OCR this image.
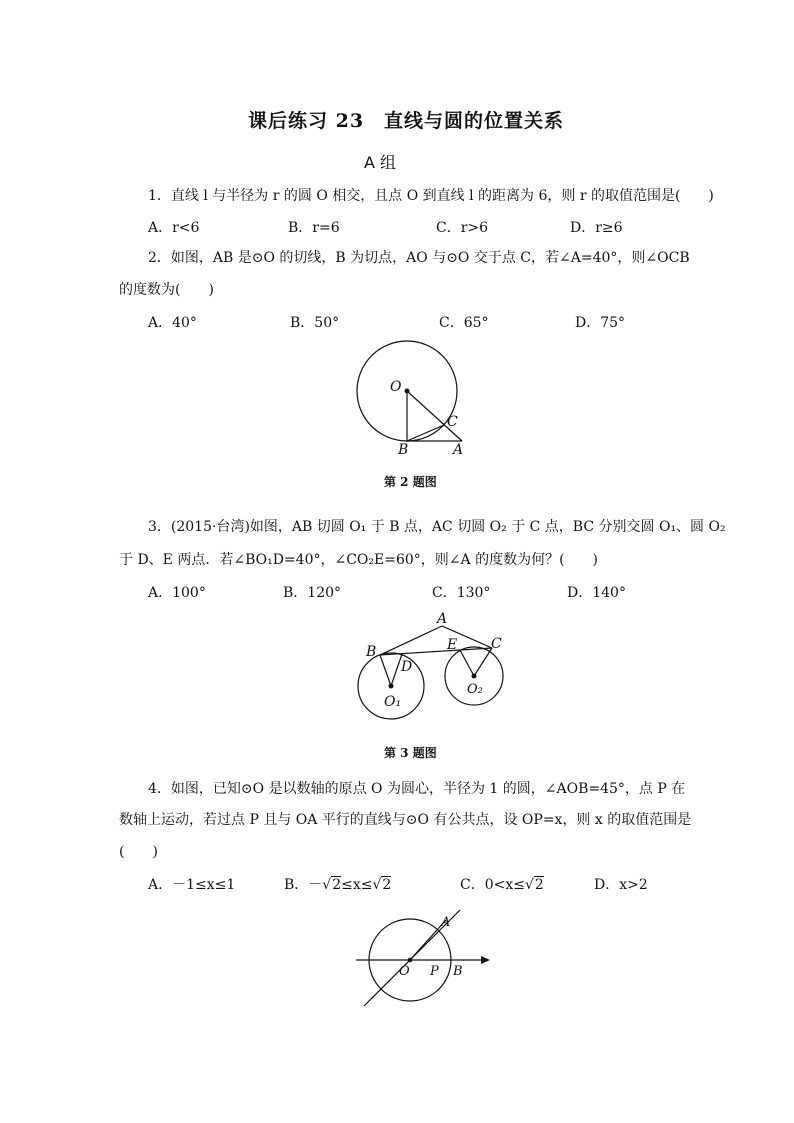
课后练习 23　直线与圆的位置关系
A 组
1．直线 l 与半径为 r 的圆 O 相交，且点 O 到直线 l 的距离为 6，则 r 的取值范围是(　　)
A．r<6	B．r=6	C．r>6	D．r≥6
2．如图，AB 是⊙O 的切线，B 为切点，AO 与⊙O 交于点 C，若∠A=40°，则∠OCB
的度数为(　　)
A．40°	B．50°	C．65°	D．75°
O
B	A
C
第 2 题图
3．(2015·台湾)如图，AB 切圆 O₁ 于 B 点，AC 切圆 O₂ 于 C 点，BC 分别交圆 O₁、圆 O₂
于 D、E 两点．若∠BO₁D=40°，∠CO₂E=60°，则∠A 的度数为何？(　　)
A．100°	B．120°	C．130°	D．140°
A
B	C
D
E
O₁
O₂
第 3 题图
4．如图，已知⊙O 是以数轴的原点 O 为圆心，半径为 1 的圆，∠AOB=45°，点 P 在
数轴上运动，若过点 P 且与 OA 平行的直线与⊙O 有公共点，设 OP=x，则 x 的取值范围是
(　　)
A．－1≤x≤1	B．－√2≤x≤√2	C．0<x≤√2	D．x>2
A
O P B
